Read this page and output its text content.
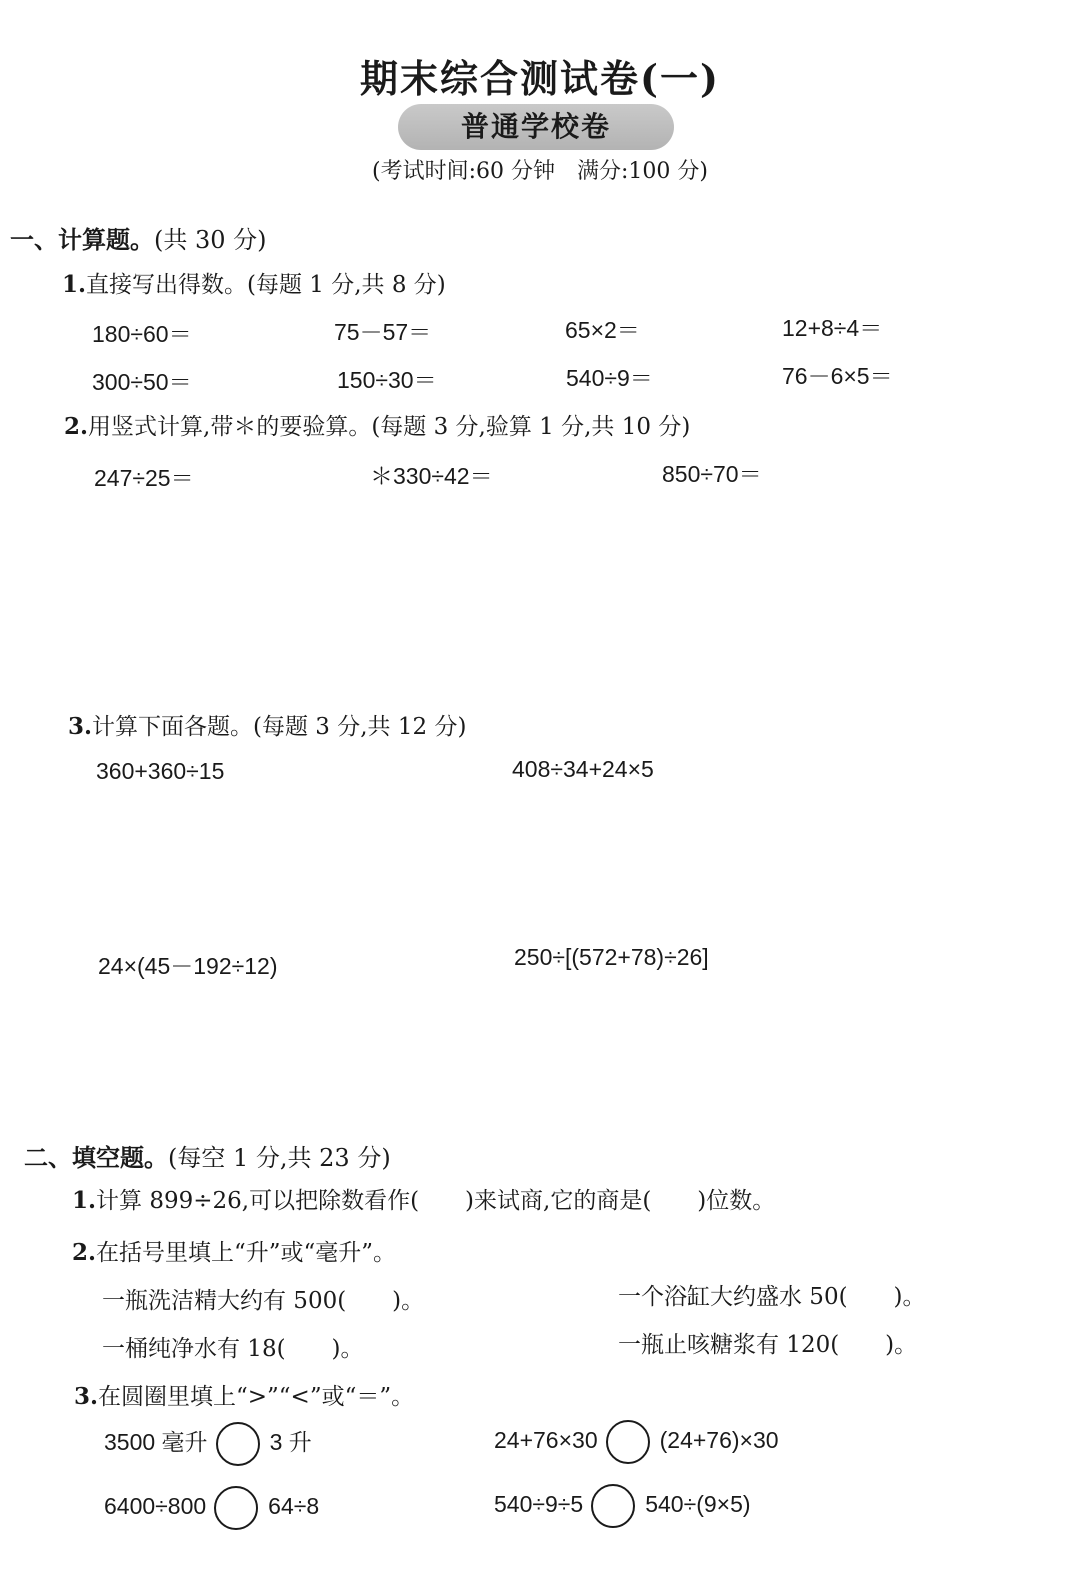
期末综合测试卷(一)
普通学校卷
(考试时间:60 分钟　满分:100 分)
一、计算题。(共 30 分)
1.直接写出得数。(每题 1 分,共 8 分)
180÷60＝	75－57＝	65×2＝	12+8÷4＝
300÷50＝	150÷30＝	540÷9＝	76－6×5＝
2.用竖式计算,带＊的要验算。(每题 3 分,验算 1 分,共 10 分)
247÷25＝	＊330÷42＝	850÷70＝
3.计算下面各题。(每题 3 分,共 12 分)
360+360÷15	408÷34+24×5
24×(45－192÷12)	250÷[(572+78)÷26]
二、填空题。(每空 1 分,共 23 分)
1.计算 899÷26,可以把除数看作(　　)来试商,它的商是(　　)位数。
2.在括号里填上“升”或“毫升”。
一瓶洗洁精大约有 500(　　)。	一个浴缸大约盛水 50(　　)。
一桶纯净水有 18(　　)。	一瓶止咳糖浆有 120(　　)。
3.在圆圈里填上“>”“<”或“＝”。
3500 毫升	3 升	24+76×30	(24+76)×30
6400÷800	64÷8	540÷9÷5	540÷(9×5)
